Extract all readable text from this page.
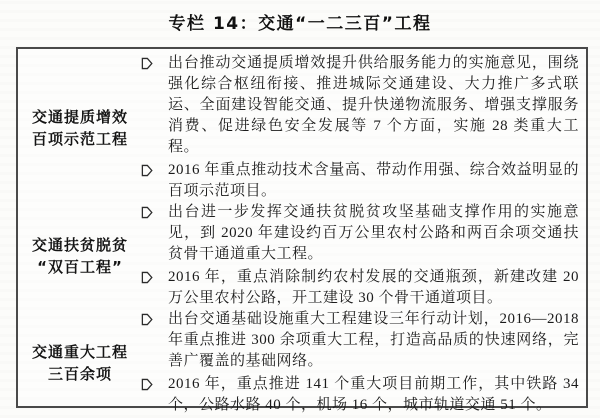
专栏 14：交通“一二三百”工程
交通提质增效
百项示范工程

出台推动交通提质增效提升供给服务能力的实施意见，围绕强化综合枢纽衔接、推进城际交通建设、大力推广多式联运、全面建设智能交通、提升快递物流服务、增强支撑服务消费、促进绿色安全发展等 7 个方面，实施 28 类重大工程。

2016 年重点推动技术含量高、带动作用强、综合效益明显的百项示范项目。

交通扶贫脱贫
“双百工程”

出台进一步发挥交通扶贫脱贫攻坚基础支撑作用的实施意见，到 2020 年建设约百万公里农村公路和两百余项交通扶贫骨干通道重大工程。

2016 年，重点消除制约农村发展的交通瓶颈，新建改建 20 万公里农村公路，开工建设 30 个骨干通道项目。

交通重大工程
三百余项

出台交通基础设施重大工程建设三年行动计划，2016—2018 年重点推进 300 余项重大工程，打造高品质的快速网络，完善广覆盖的基础网络。

2016 年，重点推进 141 个重大项目前期工作，其中铁路 34 个，公路水路 40 个，机场 16 个，城市轨道交通 51 个。
